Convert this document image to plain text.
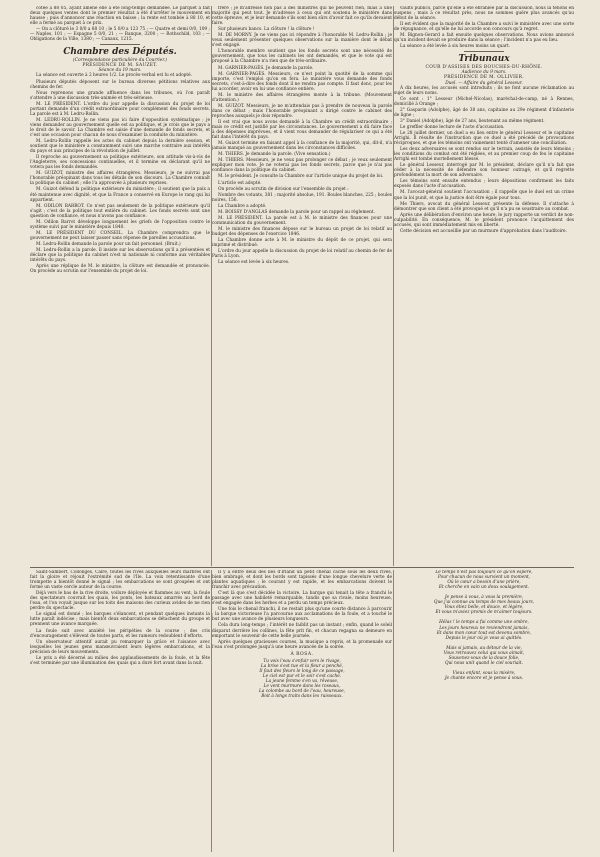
cotée à 88 05, ayant amené elle a été long-temps demandée. Le parquet a fait deux quelques ventes dont le premier résultat a été d'arrêter le mouvement en hausse ; puis d'annoncer une réaction en baisse ; la rente est tombée à 88 10, et elle a fermé au parquet à ce prix.

— On a clôturé le 3 0/0 a 88 10 ; le 5 0/0 a 123 75 ; — Quatre et demi 0/0, 109 ; — Naples, 101 ; — Espagne 5 0/0, 21 ; — Banque, 3200 ; — Rothschild, 103 ; — Obligations de la Ville, 1380 ; — Canaux, 1215.

Chambre des Députés.
(Correspondance particulière du Courrier.)
PRÉSIDENCE DE M. SAUZET.
Séance du 19 mars.

La séance est ouverte à 2 heures 1/2. Le procès-verbal est lu et adopté.

Plusieurs députés déposent sur le bureau diverses pétitions relatives aux chemins de fer.

Nous reprenons une grande affluence dans les tribunes, où l'on paraît s'attendre à une discussion très-animée et très-sérieuse.

M. LE PRÉSIDENT. L'ordre du jour appelle la discussion du projet de loi portant demande d'un crédit extraordinaire pour complément des fonds secrets. La parole est à M. Ledru-Rollin.

M. LEDRU-ROLLIN. Je ne viens pas ici faire d'opposition systématique ; je viens demander au gouvernement quelle est sa politique, et je crois que le pays a le droit de le savoir. La Chambre est saisie d'une demande de fonds secrets, et c'est une occasion pour chacun de nous d'examiner la conduite du ministère.

M. Ledru-Rollin rappelle les actes du cabinet depuis la dernière session, et soutient que le ministère a constamment suivi une marche contraire aux intérêts du pays et aux principes de la révolution de juillet.

Il reproche au gouvernement sa politique extérieure, son attitude vis-à-vis de l'Angleterre, ses concessions continuelles, et il termine en déclarant qu'il ne votera pas les fonds demandés.

M. GUIZOT, ministre des affaires étrangères. Messieurs, je ne suivrai pas l'honorable préopinant dans tous les détails de son discours. La Chambre connaît la politique du cabinet ; elle l'a approuvée à plusieurs reprises.

M. Guizot défend la politique extérieure du ministère ; il soutient que la paix a été maintenue avec dignité, et que la France a conservé en Europe le rang qui lui appartient.

M. ODILON BARROT. Ce n'est pas seulement de la politique extérieure qu'il s'agit ; c'est de la politique tout entière du cabinet. Les fonds secrets sont une question de confiance, et nous n'avons pas confiance.

M. Odilon Barrot développe longuement les griefs de l'opposition contre le système suivi par le ministère depuis 1840.

M. LE PRÉSIDENT DU CONSEIL. La Chambre comprendra que le gouvernement ne peut laisser passer sans réponse de pareilles accusations.

M. Ledru-Rollin demande la parole pour un fait personnel. (Bruit.)

M. Ledru-Rollin a la parole. Il insiste sur les observations qu'il a présentées et déclare que la politique du cabinet n'est ni nationale ni conforme aux véritables intérêts du pays.

Après une réplique de M. le ministre, la clôture est demandée et prononcée. On procède au scrutin sur l'ensemble du projet de loi.

frère ; je m'adresse non pas à des ministres qui ne peuvent rien, mais à une majorité qui peut tout. Je m'adresse à ceux qui ont soutenu le ministère dans cette épreuve, et je leur demande s'ils sont bien sûrs d'avoir fait ce qu'ils devaient faire.

Sur plusieurs bancs. La clôture ! la clôture !

M. DE MORNY. Je ne viens pas ici répondre à l'honorable M. Ledru-Rollin ; je veux seulement présenter quelques observations sur la manière dont le débat s'est engagé.

L'honorable membre soutient que les fonds secrets sont une nécessité de gouvernement, que tous les cabinets les ont demandés, et que le vote qui est proposé à la Chambre n'a rien que de très-ordinaire.

M. GARNIER-PAGÈS. Je demande la parole.

M. GARNIER-PAGÈS. Messieurs, ce n'est point la quotité de la somme qui importe, c'est l'emploi qu'on en fera. Le ministère vous demande des fonds secrets, c'est-à-dire des fonds dont il ne rendra pas compte. Il faut donc, pour les lui accorder, avoir en lui une confiance entière.

M. le ministre des affaires étrangères monte à la tribune. (Mouvement d'attention.)

M. GUIZOT. Messieurs, je ne m'attendais pas à prendre de nouveau la parole dans ce débat ; mais l'honorable préopinant a dirigé contre le cabinet des reproches auxquels je dois répondre.

Il est vrai que nous avons demandé à la Chambre un crédit extraordinaire ; mais ce crédit est justifié par les circonstances. Le gouvernement a dû faire face à des dépenses imprévues, et il vient vous demander de régulariser ce qui a été fait dans l'intérêt du pays.

M. Guizot termine en faisant appel à la confiance de la majorité, qui, dit-il, n'a jamais manqué au gouvernement dans les circonstances difficiles.

M. THIERS. Je demande la parole. (Vive sensation.)

M. THIERS. Messieurs, je ne veux pas prolonger ce débat ; je veux seulement expliquer mon vote. Je ne voterai pas les fonds secrets, parce que je n'ai pas confiance dans la politique du cabinet.

M. le président. Je consulte la Chambre sur l'article unique du projet de loi.

L'article est adopté.

On procède au scrutin de division sur l'ensemble du projet :

Nombre des votants, 381 ; majorité absolue, 191. Boules blanches, 225 ; boules noires, 156.

La Chambre a adopté.

M. BOISSY D'ANGLAS demande la parole pour un rappel au règlement.

M. LE PRÉSIDENT. La parole est à M. le ministre des finances pour une communication du gouvernement.

M. le ministre des finances dépose sur le bureau un projet de loi relatif au budget des dépenses de l'exercice 1846.

La Chambre donne acte à M. le ministre du dépôt de ce projet, qui sera imprimé et distribué.

L'ordre du jour appelle la discussion du projet de loi relatif au chemin de fer de Paris à Lyon.

La séance est levée à six heures.

vaults publics, parce qu'elle a été ébranlée par la discussion, nous la tenons en suspens ; mais à ce résultat près, nous ne sommes guère plus avancés qu'au début de la séance.

Il est évident que la majorité de la Chambre a suivi le ministère avec une sorte de répugnance, et qu'elle ne lui accorde son concours qu'à regret.

M. Bignon-Gerard a fait ensuite quelques observations. Nous avions annoncé qu'un incident devait se produire dans la séance ; l'incident n'a pas eu lieu.

La séance a été levée à six heures moins un quart.

Tribunaux
COUR D'ASSISES DES BOUCHES-DU-RHÔNE.
Audience du 9 mars.
PRÉSIDENCE DE M. OLLIVIER.
Duel. — Affaire du général Lesseur.

À dix heures, les accusés sont introduits ; ils ne font aucune réclamation au sujet de leurs noms.

Ce sont : 1° Lesseur (Michel-Nicolas), maréchal-de-camp, né à Rennes, domicilié à Orange ;

2° Gasparin (Adolphe), âgé de 38 ans, capitaine au 29e régiment d'infanterie de ligne ;

3° Daniel (Adolphe), âgé de 27 ans, lieutenant au même régiment.

Le greffier donne lecture de l'acte d'accusation.

Le 28 juillet dernier, un duel a eu lieu entre le général Lesseur et le capitaine Arrighi. Il résulte de l'instruction que ce duel a été précédé de provocations réciproques, et que les témoins ont vainement tenté d'amener une conciliation.

Les deux adversaires se sont rendus sur le terrain, assistés de leurs témoins ; les conditions du combat ont été réglées, et au premier coup de feu le capitaine Arrighi est tombé mortellement blessé.

Le général Lesseur, interrogé par M. le président, déclare qu'il n'a fait que céder à la nécessité de défendre son honneur outragé, et qu'il regrette profondément la mort de son adversaire.

Les témoins sont ensuite entendus ; leurs dépositions confirment les faits exposés dans l'acte d'accusation.

M. l'avocat-général soutient l'accusation ; il rappelle que le duel est un crime que la loi punit, et que la justice doit être égale pour tous.

Me Thiers, avocat du général Lesseur, présente la défense. Il s'attache à démontrer que son client a été provoqué et qu'il n'a pu se soustraire au combat.

Après une délibération d'environ une heure, le jury rapporte un verdict de non-culpabilité. En conséquence, M. le président prononce l'acquittement des accusés, qui sont immédiatement mis en liberté.

Cette décision est accueillie par un murmure d'approbation dans l'auditoire.

Saint-Sambert, Collonges, Calre, toutes les rives auxquelles leurs marbres ont fait la gloire et réjouit l'extrémité sud de l'Ile. La voix retentissante d'une trompette a bientôt donné le signal ; les embarcations se sont groupées et ont formé un vaste cercle autour de la course.

Déjà vers le bas de la rive droite, voilure déployée et flammes au vent, la foule des spectateurs couvrait les quais, les ponts, les bateaux amarrés au bord de l'eau, et l'on voyait jusque sur les toits des maisons des curieux avides de ne rien perdre du spectacle.

Le signal est donné ; les barques s'élancent, et pendant quelques instants la lutte paraît indécise ; mais bientôt deux embarcations se détachent du groupe et prennent une avance marquée.

La foule suit avec anxiété les péripéties de la course ; des cris d'encouragement s'élèvent de toutes parts, et les rameurs redoublent d'efforts.

Un observateur attentif aurait pu remarquer la grâce et l'aisance avec lesquelles les jeunes gens manœuvraient leurs légères embarcations, et la précision de leurs mouvements.

Le prix a été décerné au milieu des applaudissements de la foule, et la fête s'est terminée par une illumination des quais qui a duré fort avant dans la nuit.

Il y a entre deux des îles d'Irland un petit chenal caché sous les deux rives, bien ombragé, et dont les bords sont tapissés d'une longue chevelure verte de plantes aquatiques ; le courant y est rapide, et les embarcations doivent le franchir avec précaution.

C'est là que s'est décidée la victoire. La barque qui tenait la tête a franchi le passage avec une habileté remarquable, tandis que sa rivale, moins heureuse, s'est engagée dans les herbes et a perdu un temps précieux.

Une fois le chenal franchi, il ne restait plus qu'une courte distance à parcourir ; la barque victorieuse l'a parcourue aux acclamations de la foule, et a touché le but avec une avance de plusieurs longueurs.

Cela dura long-temps ; l'intérêt ne faiblit pas un instant ; enfin, quand le soleil disparut derrière les collines, la fête prit fin, et chacun regagna sa demeure en emportant le souvenir de cette belle journée.

Après quelques gracieuses courses, la musique a repris, et la promenade sur l'eau s'est prolongée jusqu'à une heure avancée de la soirée.

À ROSA.
Tu vois l'eau s'enfuir vers le rivage,
La brise s'est tue et la fleur a penché,
Il faut des fleurs le long de ce passage,
Le ciel est pur et le soir s'est caché.
La jeune femme s'en va, rêveuse,
Le vent murmure dans les roseaux,
La colombe au bord de l'eau, heureuse,
Boit à longs traits dans les ruisseaux.
Le temps n'est pas toujours ce qu'on espère,
Pour chacun de nous survient un moment,
Où le cœur a besoin d'une prière,
Et cherche en vain un doux soulagement.

Je pense à vous, à vous la première,
Que j'ai connue au temps de mes beaux jours,
Vous étiez belle, et douce, et légère,
Et vous m'aviez promis de m'aimer toujours.

Hélas ! le temps a fui comme une ombre,
Les jours heureux ne reviendront jamais,
Et dans mon cœur tout est devenu sombre,
Depuis le jour où je vous ai quittés.

Mais si jamais, au détour de la vie,
Vous retrouvez celui qui vous aimait,
Souvenez-vous de la douce folie,
Qui nous unit quand le ciel souriait.

Vieux enfant, sous la misère,
Je chante encore et je pense à vous.
